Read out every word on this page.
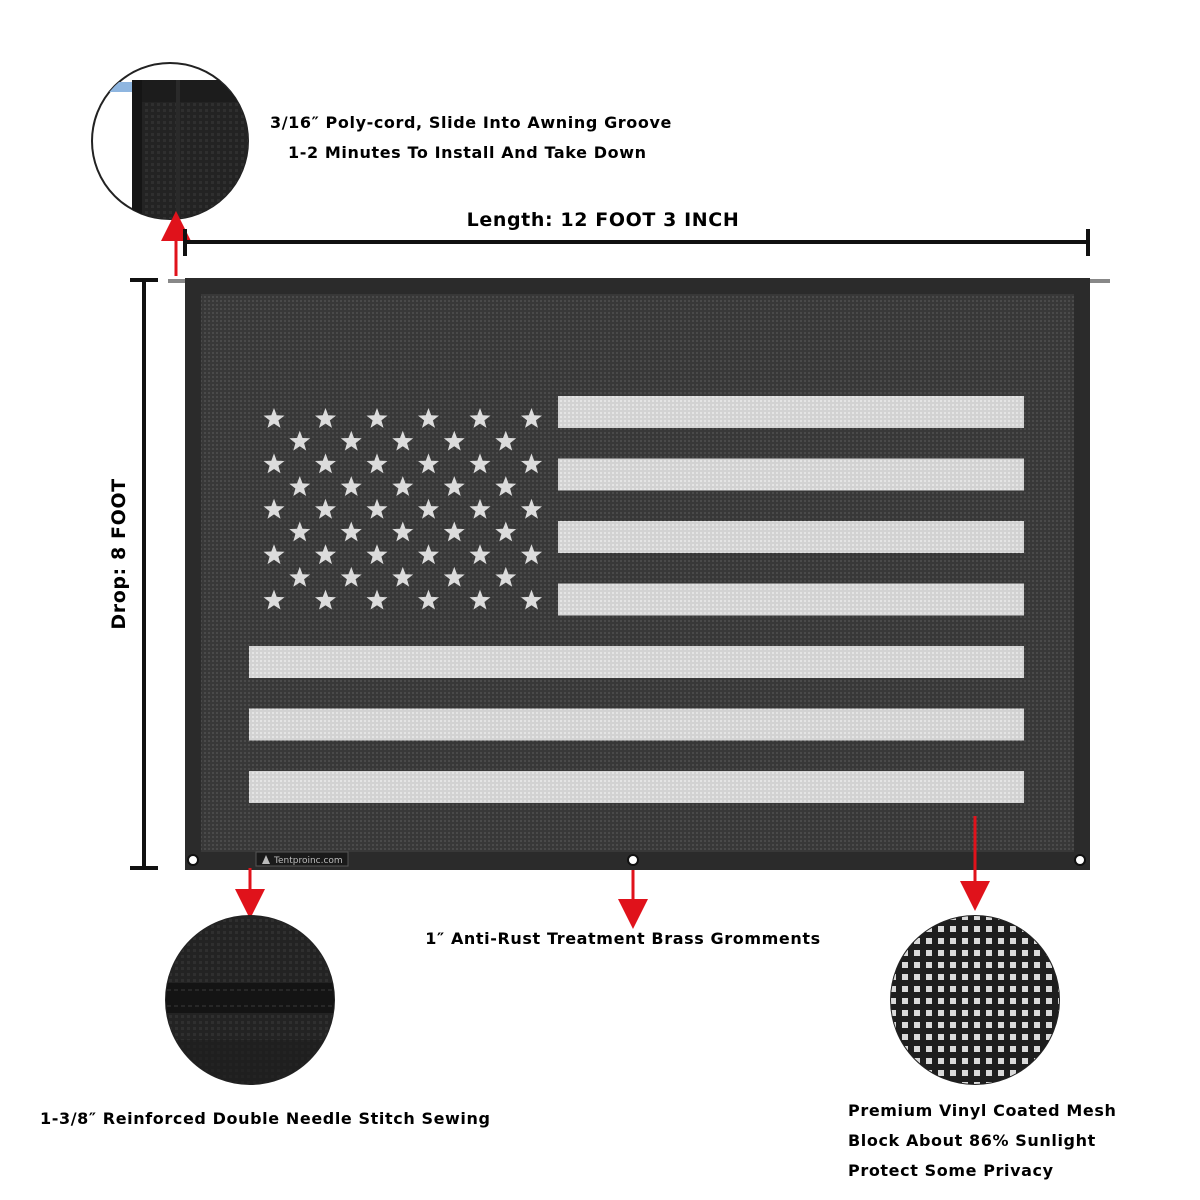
3/16″ Poly-cord, Slide Into Awning Groove
1-2 Minutes To Install And Take Down
Length: 12 FOOT 3 INCH
Drop: 8 FOOT
Tentproinc.com
1″ Anti-Rust Treatment Brass Gromments
1-3/8″ Reinforced Double Needle Stitch Sewing	Premium Vinyl Coated Mesh
Block About 86% Sunlight
Protect Some Privacy
